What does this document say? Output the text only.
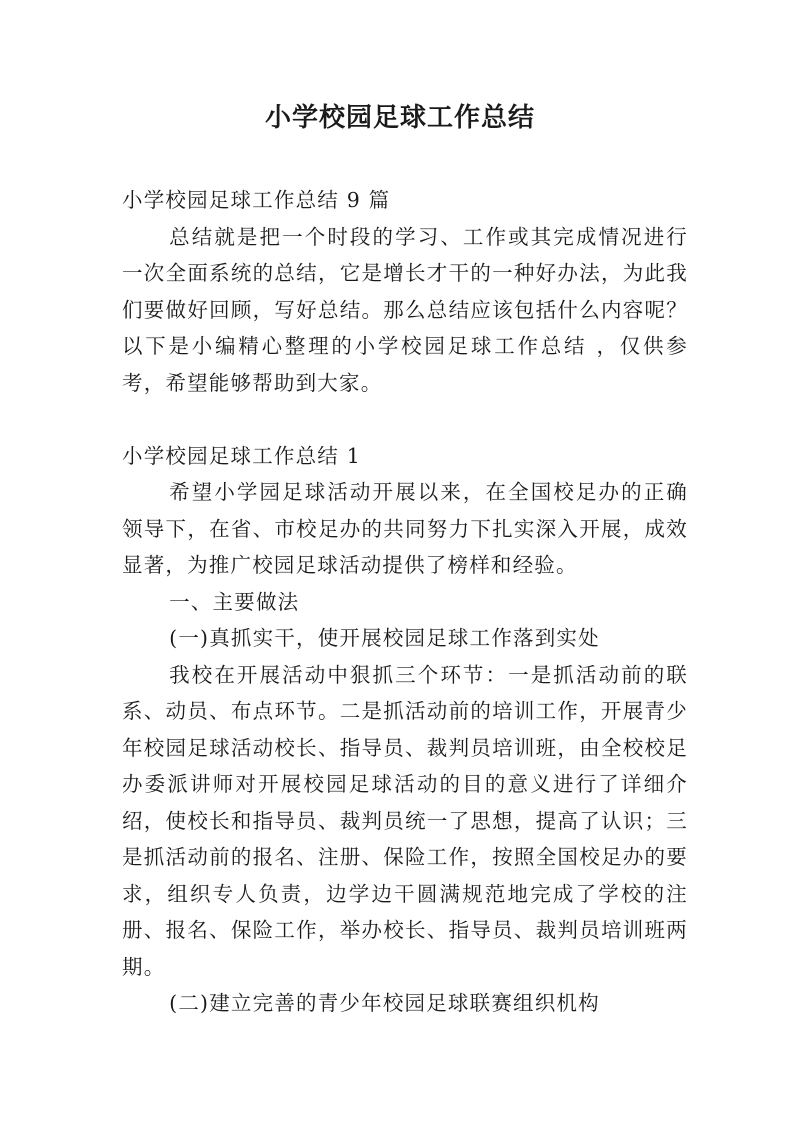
小学校园足球工作总结

小学校园足球工作总结 9 篇

总结就是把一个时段的学习、工作或其完成情况进行一次全面系统的总结，它是增长才干的一种好办法，为此我们要做好回顾，写好总结。那么总结应该包括什么内容呢？以下是小编精心整理的小学校园足球工作总结 ，仅供参考，希望能够帮助到大家。

小学校园足球工作总结 1

希望小学园足球活动开展以来，在全国校足办的正确领导下，在省、市校足办的共同努力下扎实深入开展，成效显著，为推广校园足球活动提供了榜样和经验。

一、主要做法

(一)真抓实干，使开展校园足球工作落到实处

我校在开展活动中狠抓三个环节：一是抓活动前的联系、动员、布点环节。二是抓活动前的培训工作，开展青少年校园足球活动校长、指导员、裁判员培训班，由全校校足办委派讲师对开展校园足球活动的目的意义进行了详细介绍，使校长和指导员、裁判员统一了思想，提高了认识；三是抓活动前的报名、注册、保险工作，按照全国校足办的要求，组织专人负责，边学边干圆满规范地完成了学校的注册、报名、保险工作，举办校长、指导员、裁判员培训班两期。

(二)建立完善的青少年校园足球联赛组织机构
